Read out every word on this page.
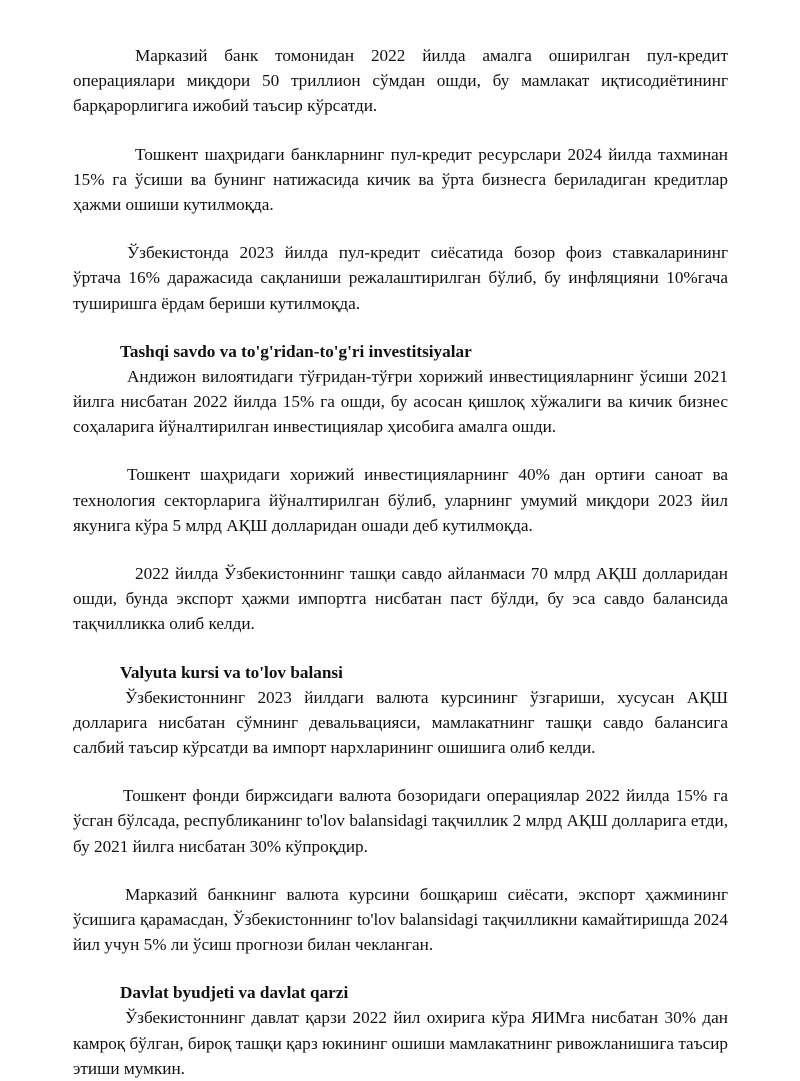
Марказий банк томонидан 2022 йилда амалга оширилган пул-кредит операциялари миқдори 50 триллион сўмдан ошди, бу мамлакат иқтисодиётининг барқарорлигига ижобий таъсир кўрсатди.

Тошкент шаҳридаги банкларнинг пул-кредит ресурслари 2024 йилда тахминан 15% га ўсиши ва бунинг натижасида кичик ва ўрта бизнесга бериладиган кредитлар ҳажми ошиши кутилмоқда.

Ўзбекистонда 2023 йилда пул-кредит сиёсатида бозор фоиз ставкаларининг ўртача 16% даражасида сақланиши режалаштирилган бўлиб, бу инфляцияни 10%гача туширишга ёрдам бериши кутилмоқда.

Tashqi savdo va to'g'ridan-to'g'ri investitsiyalar

Андижон вилоятидаги тўғридан-тўғри хорижий инвестицияларнинг ўсиши 2021 йилга нисбатан 2022 йилда 15% га ошди, бу асосан қишлоқ хўжалиги ва кичик бизнес соҳаларига йўналтирилган инвестициялар ҳисобига амалга ошди.

Тошкент шаҳридаги хорижий инвестицияларнинг 40% дан ортиғи саноат ва технология секторларига йўналтирилган бўлиб, уларнинг умумий миқдори 2023 йил якунига кўра 5 млрд АҚШ долларидан ошади деб кутилмоқда.

2022 йилда Ўзбекистоннинг ташқи савдо айланмаси 70 млрд АҚШ долларидан ошди, бунда экспорт ҳажми импортга нисбатан паст бўлди, бу эса савдо балансида тақчилликка олиб келди.

Valyuta kursi va to'lov balansi

Ўзбекистоннинг 2023 йилдаги валюта курсининг ўзгариши, хусусан АҚШ долларига нисбатан сўмнинг девальвацияси, мамлакатнинг ташқи савдо балансига салбий таъсир кўрсатди ва импорт нархларининг ошишига олиб келди.

Тошкент фонди биржсидаги валюта бозоридаги операциялар 2022 йилда 15% га ўсган бўлсада, республиканинг to'lov balansidagi тақчиллик 2 млрд АҚШ долларига етди, бу 2021 йилга нисбатан 30% кўпроқдир.

Марказий банкнинг валюта курсини бошқариш сиёсати, экспорт ҳажмининг ўсишига қарамасдан, Ўзбекистоннинг to'lov balansidagi тақчилликни камайтиришда 2024 йил учун 5% ли ўсиш прогнози билан чекланган.

Davlat byudjeti va davlat qarzi

Ўзбекистоннинг давлат қарзи 2022 йил охирига кўра ЯИМга нисбатан 30% дан камроқ бўлган, бироқ ташқи қарз юкининг ошиши мамлакатнинг ривожланишига таъсир этиши мумкин.
